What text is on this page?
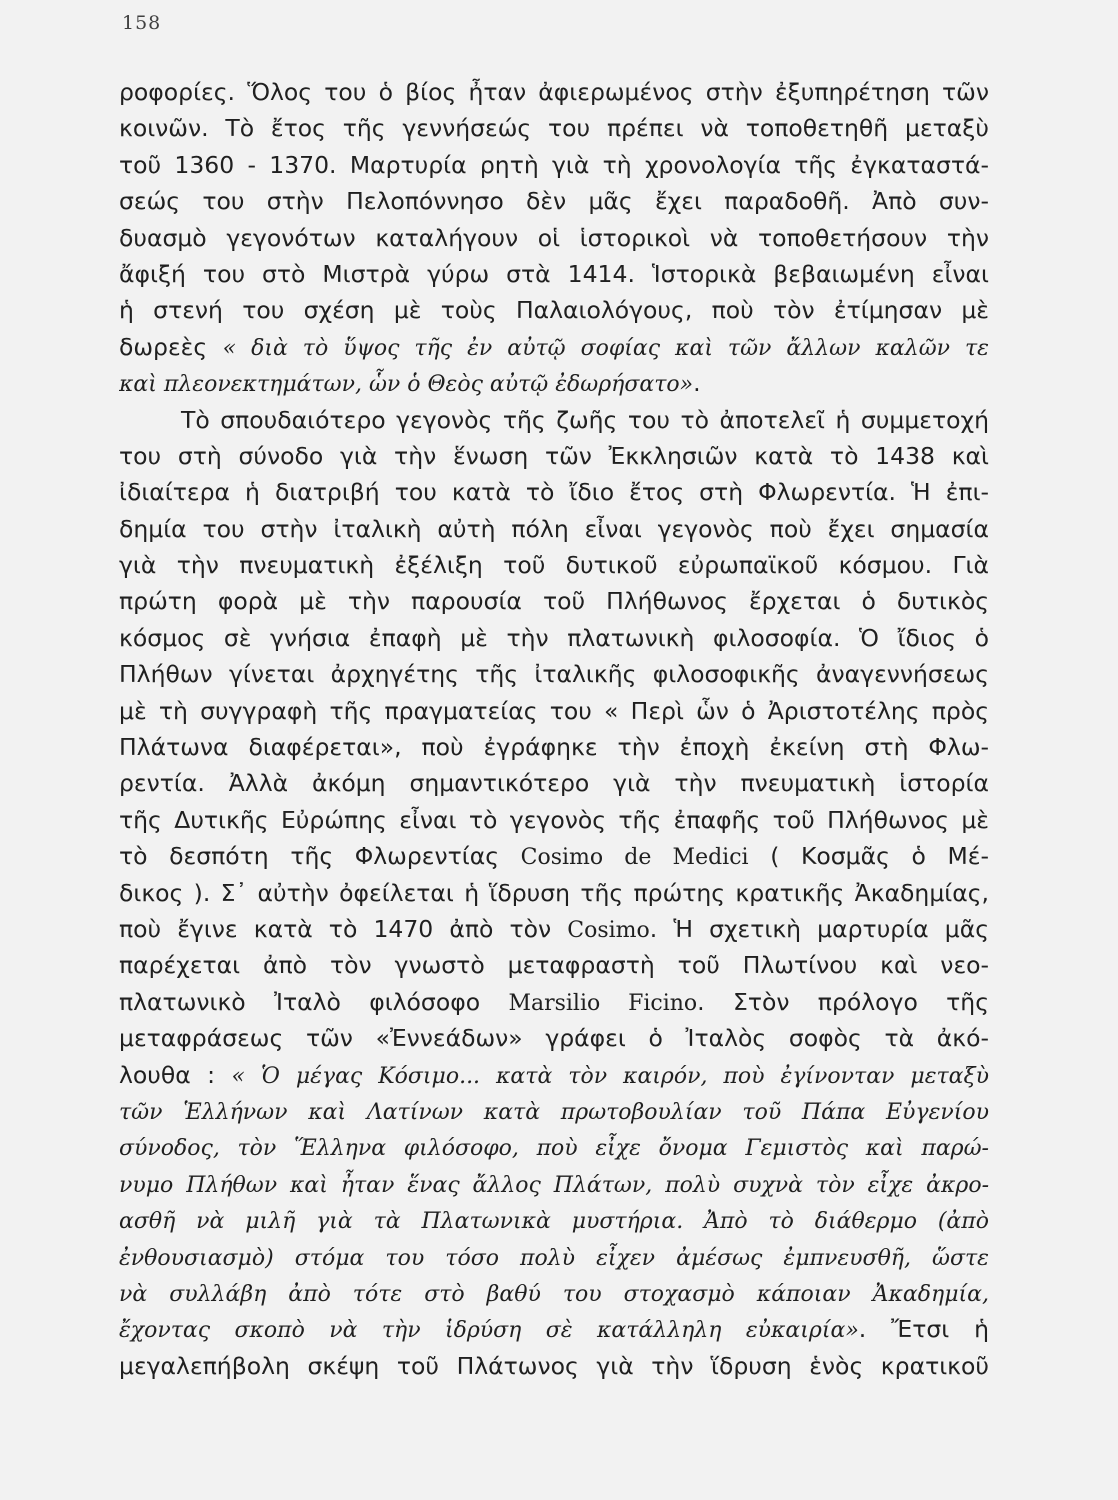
158
ροφορίες. Ὅλος του ὁ βίος ἦταν ἀφιερωμένος στὴν ἐξυπηρέτηση τῶν
κοινῶν. Τὸ ἔτος τῆς γεννήσεώς του πρέπει νὰ τοποθετηθῆ μεταξὺ
τοῦ 1360 - 1370. Μαρτυρία ρητὴ γιὰ τὴ χρονολογία τῆς ἐγκαταστά-
σεώς του στὴν Πελοπόννησο δὲν μᾶς ἔχει παραδοθῆ. Ἀπὸ συν-
δυασμὸ γεγονότων καταλήγουν οἱ ἱστορικοὶ νὰ τοποθετήσουν τὴν
ἄφιξή του στὸ Μιστρὰ γύρω στὰ 1414. Ἱστορικὰ βεβαιωμένη εἶναι
ἡ στενή του σχέση μὲ τοὺς Παλαιολόγους, ποὺ τὸν ἐτίμησαν μὲ
δωρεὲς « διὰ τὸ ὕψος τῆς ἐν αὐτῷ σοφίας καὶ τῶν ἄλλων καλῶν τε
καὶ πλεονεκτημάτων, ὧν ὁ Θεὸς αὐτῷ ἐδωρήσατο».
Τὸ σπουδαιότερο γεγονὸς τῆς ζωῆς του τὸ ἀποτελεῖ ἡ συμμετοχή
του στὴ σύνοδο γιὰ τὴν ἕνωση τῶν Ἐκκλησιῶν κατὰ τὸ 1438 καὶ
ἰδιαίτερα ἡ διατριβή του κατὰ τὸ ἴδιο ἔτος στὴ Φλωρεντία. Ἡ ἐπι-
δημία του στὴν ἰταλικὴ αὐτὴ πόλη εἶναι γεγονὸς ποὺ ἔχει σημασία
γιὰ τὴν πνευματικὴ ἐξέλιξη τοῦ δυτικοῦ εὐρωπαϊκοῦ κόσμου. Γιὰ
πρώτη φορὰ μὲ τὴν παρουσία τοῦ Πλήθωνος ἔρχεται ὁ δυτικὸς
κόσμος σὲ γνήσια ἐπαφὴ μὲ τὴν πλατωνικὴ φιλοσοφία. Ὁ ἴδιος ὁ
Πλήθων γίνεται ἀρχηγέτης τῆς ἰταλικῆς φιλοσοφικῆς ἀναγεννήσεως
μὲ τὴ συγγραφὴ τῆς πραγματείας του « Περὶ ὧν ὁ Ἀριστοτέλης πρὸς
Πλάτωνα διαφέρεται», ποὺ ἐγράφηκε τὴν ἐποχὴ ἐκείνη στὴ Φλω-
ρεντία. Ἀλλὰ ἀκόμη σημαντικότερο γιὰ τὴν πνευματικὴ ἱστορία
τῆς Δυτικῆς Εὐρώπης εἶναι τὸ γεγονὸς τῆς ἐπαφῆς τοῦ Πλήθωνος μὲ
τὸ δεσπότη τῆς Φλωρεντίας Cosimo de Medici ( Κοσμᾶς ὁ Μέ-
δικος ). Σ᾽ αὐτὴν ὀφείλεται ἡ ἵδρυση τῆς πρώτης κρατικῆς Ἀκαδημίας,
ποὺ ἔγινε κατὰ τὸ 1470 ἀπὸ τὸν Cosimo. Ἡ σχετικὴ μαρτυρία μᾶς
παρέχεται ἀπὸ τὸν γνωστὸ μεταφραστὴ τοῦ Πλωτίνου καὶ νεο-
πλατωνικὸ Ἰταλὸ φιλόσοφο Marsilio Ficino. Στὸν πρόλογο τῆς
μεταφράσεως τῶν «Ἐννεάδων» γράφει ὁ Ἰταλὸς σοφὸς τὰ ἀκό-
λουθα : « Ὁ μέγας Κόσιμο... κατὰ τὸν καιρόν, ποὺ ἐγίνονταν μεταξὺ
τῶν Ἑλλήνων καὶ Λατίνων κατὰ πρωτοβουλίαν τοῦ Πάπα Εὐγενίου
σύνοδος, τὸν Ἕλληνα φιλόσοφο, ποὺ εἶχε ὄνομα Γεμιστὸς καὶ παρώ-
νυμο Πλήθων καὶ ἦταν ἕνας ἄλλος Πλάτων, πολὺ συχνὰ τὸν εἶχε ἀκρο-
ασθῆ νὰ μιλῆ γιὰ τὰ Πλατωνικὰ μυστήρια. Ἀπὸ τὸ διάθερμο (ἀπὸ
ἐνθουσιασμὸ) στόμα του τόσο πολὺ εἶχεν ἀμέσως ἐμπνευσθῆ, ὥστε
νὰ συλλάβη ἀπὸ τότε στὸ βαθύ του στοχασμὸ κάποιαν Ἀκαδημία,
ἔχοντας σκοπὸ νὰ τὴν ἱδρύση σὲ κατάλληλη εὐκαιρία». Ἔτσι ἡ
μεγαλεπήβολη σκέψη τοῦ Πλάτωνος γιὰ τὴν ἵδρυση ἑνὸς κρατικοῦ
